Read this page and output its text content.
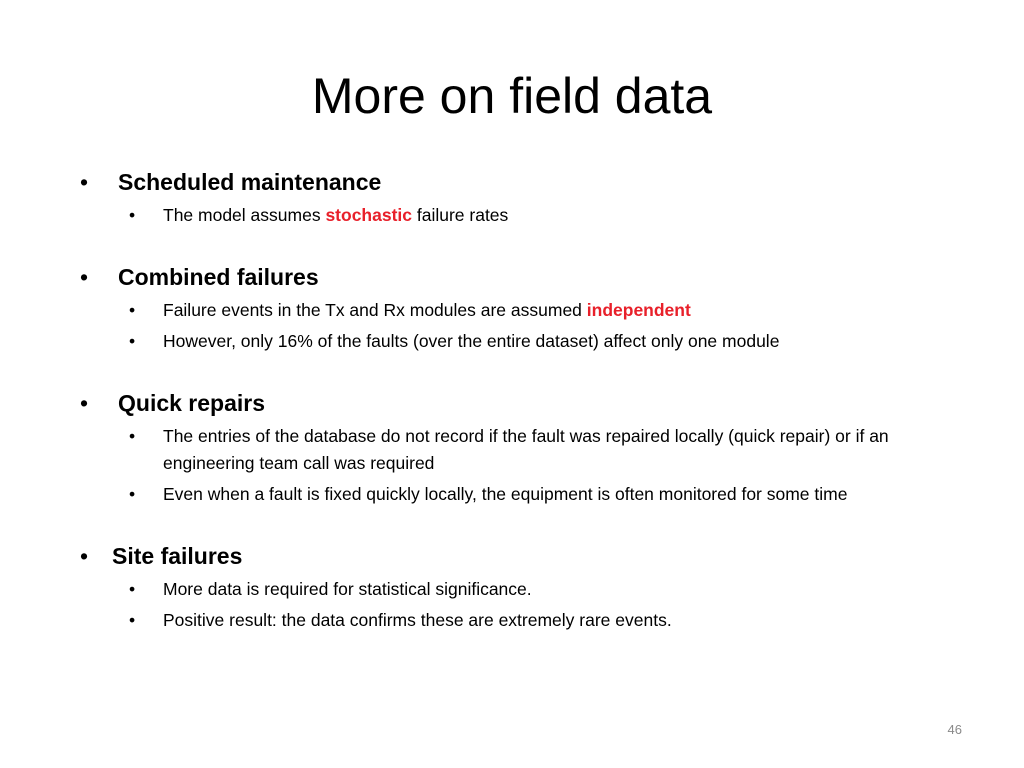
More on field data

• Scheduled maintenance

• The model assumes stochastic failure rates

• Combined failures

• Failure events in the Tx and Rx modules are assumed independent

• However, only 16% of the faults (over the entire dataset) affect only one module

• Quick repairs

• The entries of the database do not record if the fault was repaired locally (quick repair) or if an engineering team call was required

• Even when a fault is fixed quickly locally, the equipment is often monitored for some time

• Site failures

• More data is required for statistical significance.

• Positive result: the data confirms these are extremely rare events.

46
